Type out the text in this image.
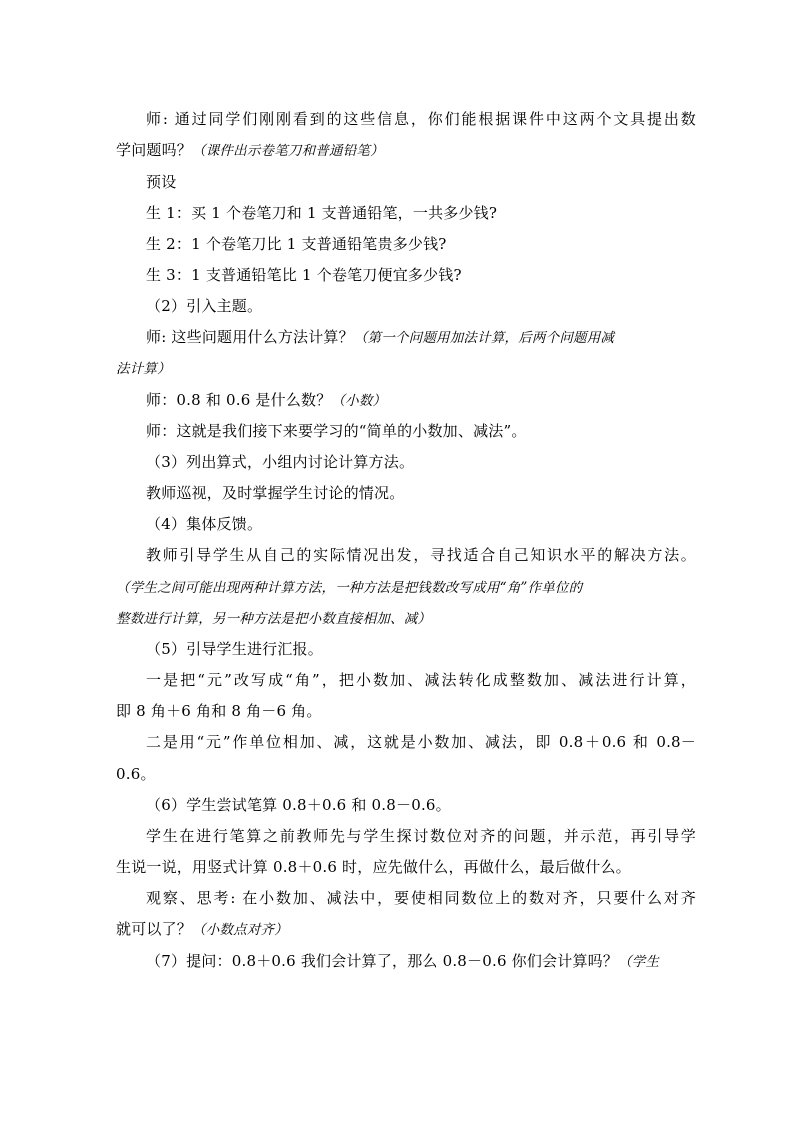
师: 通过同学们刚刚看到的这些信息，你们能根据课件中这两个文具提出数
学问题吗？（课件出示卷笔刀和普通铅笔）
预设
生 1：买 1 个卷笔刀和 1 支普通铅笔，一共多少钱?
生 2：1 个卷笔刀比 1 支普通铅笔贵多少钱?
生 3：1 支普通铅笔比 1 个卷笔刀便宜多少钱?
（2）引入主题。
师: 这些问题用什么方法计算？（第一个问题用加法计算，后两个问题用减
法计算）
师：0.8 和 0.6 是什么数？（小数）
师：这就是我们接下来要学习的“简单的小数加、减法”。
（3）列出算式，小组内讨论计算方法。
教师巡视，及时掌握学生讨论的情况。
（4）集体反馈。
教师引导学生从自己的实际情况出发，寻找适合自己知识水平的解决方法。
（学生之间可能出现两种计算方法，一种方法是把钱数改写成用“角”作单位的
整数进行计算，另一种方法是把小数直接相加、减）
（5）引导学生进行汇报。
一是把“元”改写成“角”，把小数加、减法转化成整数加、减法进行计算，
即 8 角＋6 角和 8 角－6 角。
二是用“元”作单位相加、减，这就是小数加、减法，即 0.8＋0.6 和 0.8－
0.6。
（6）学生尝试笔算 0.8＋0.6 和 0.8－0.6。
学生在进行笔算之前教师先与学生探讨数位对齐的问题，并示范，再引导学
生说一说，用竖式计算 0.8＋0.6 时，应先做什么，再做什么，最后做什么。
观察、思考: 在小数加、减法中，要使相同数位上的数对齐，只要什么对齐
就可以了？（小数点对齐）
（7）提问：0.8＋0.6 我们会计算了，那么 0.8－0.6 你们会计算吗？（学生
